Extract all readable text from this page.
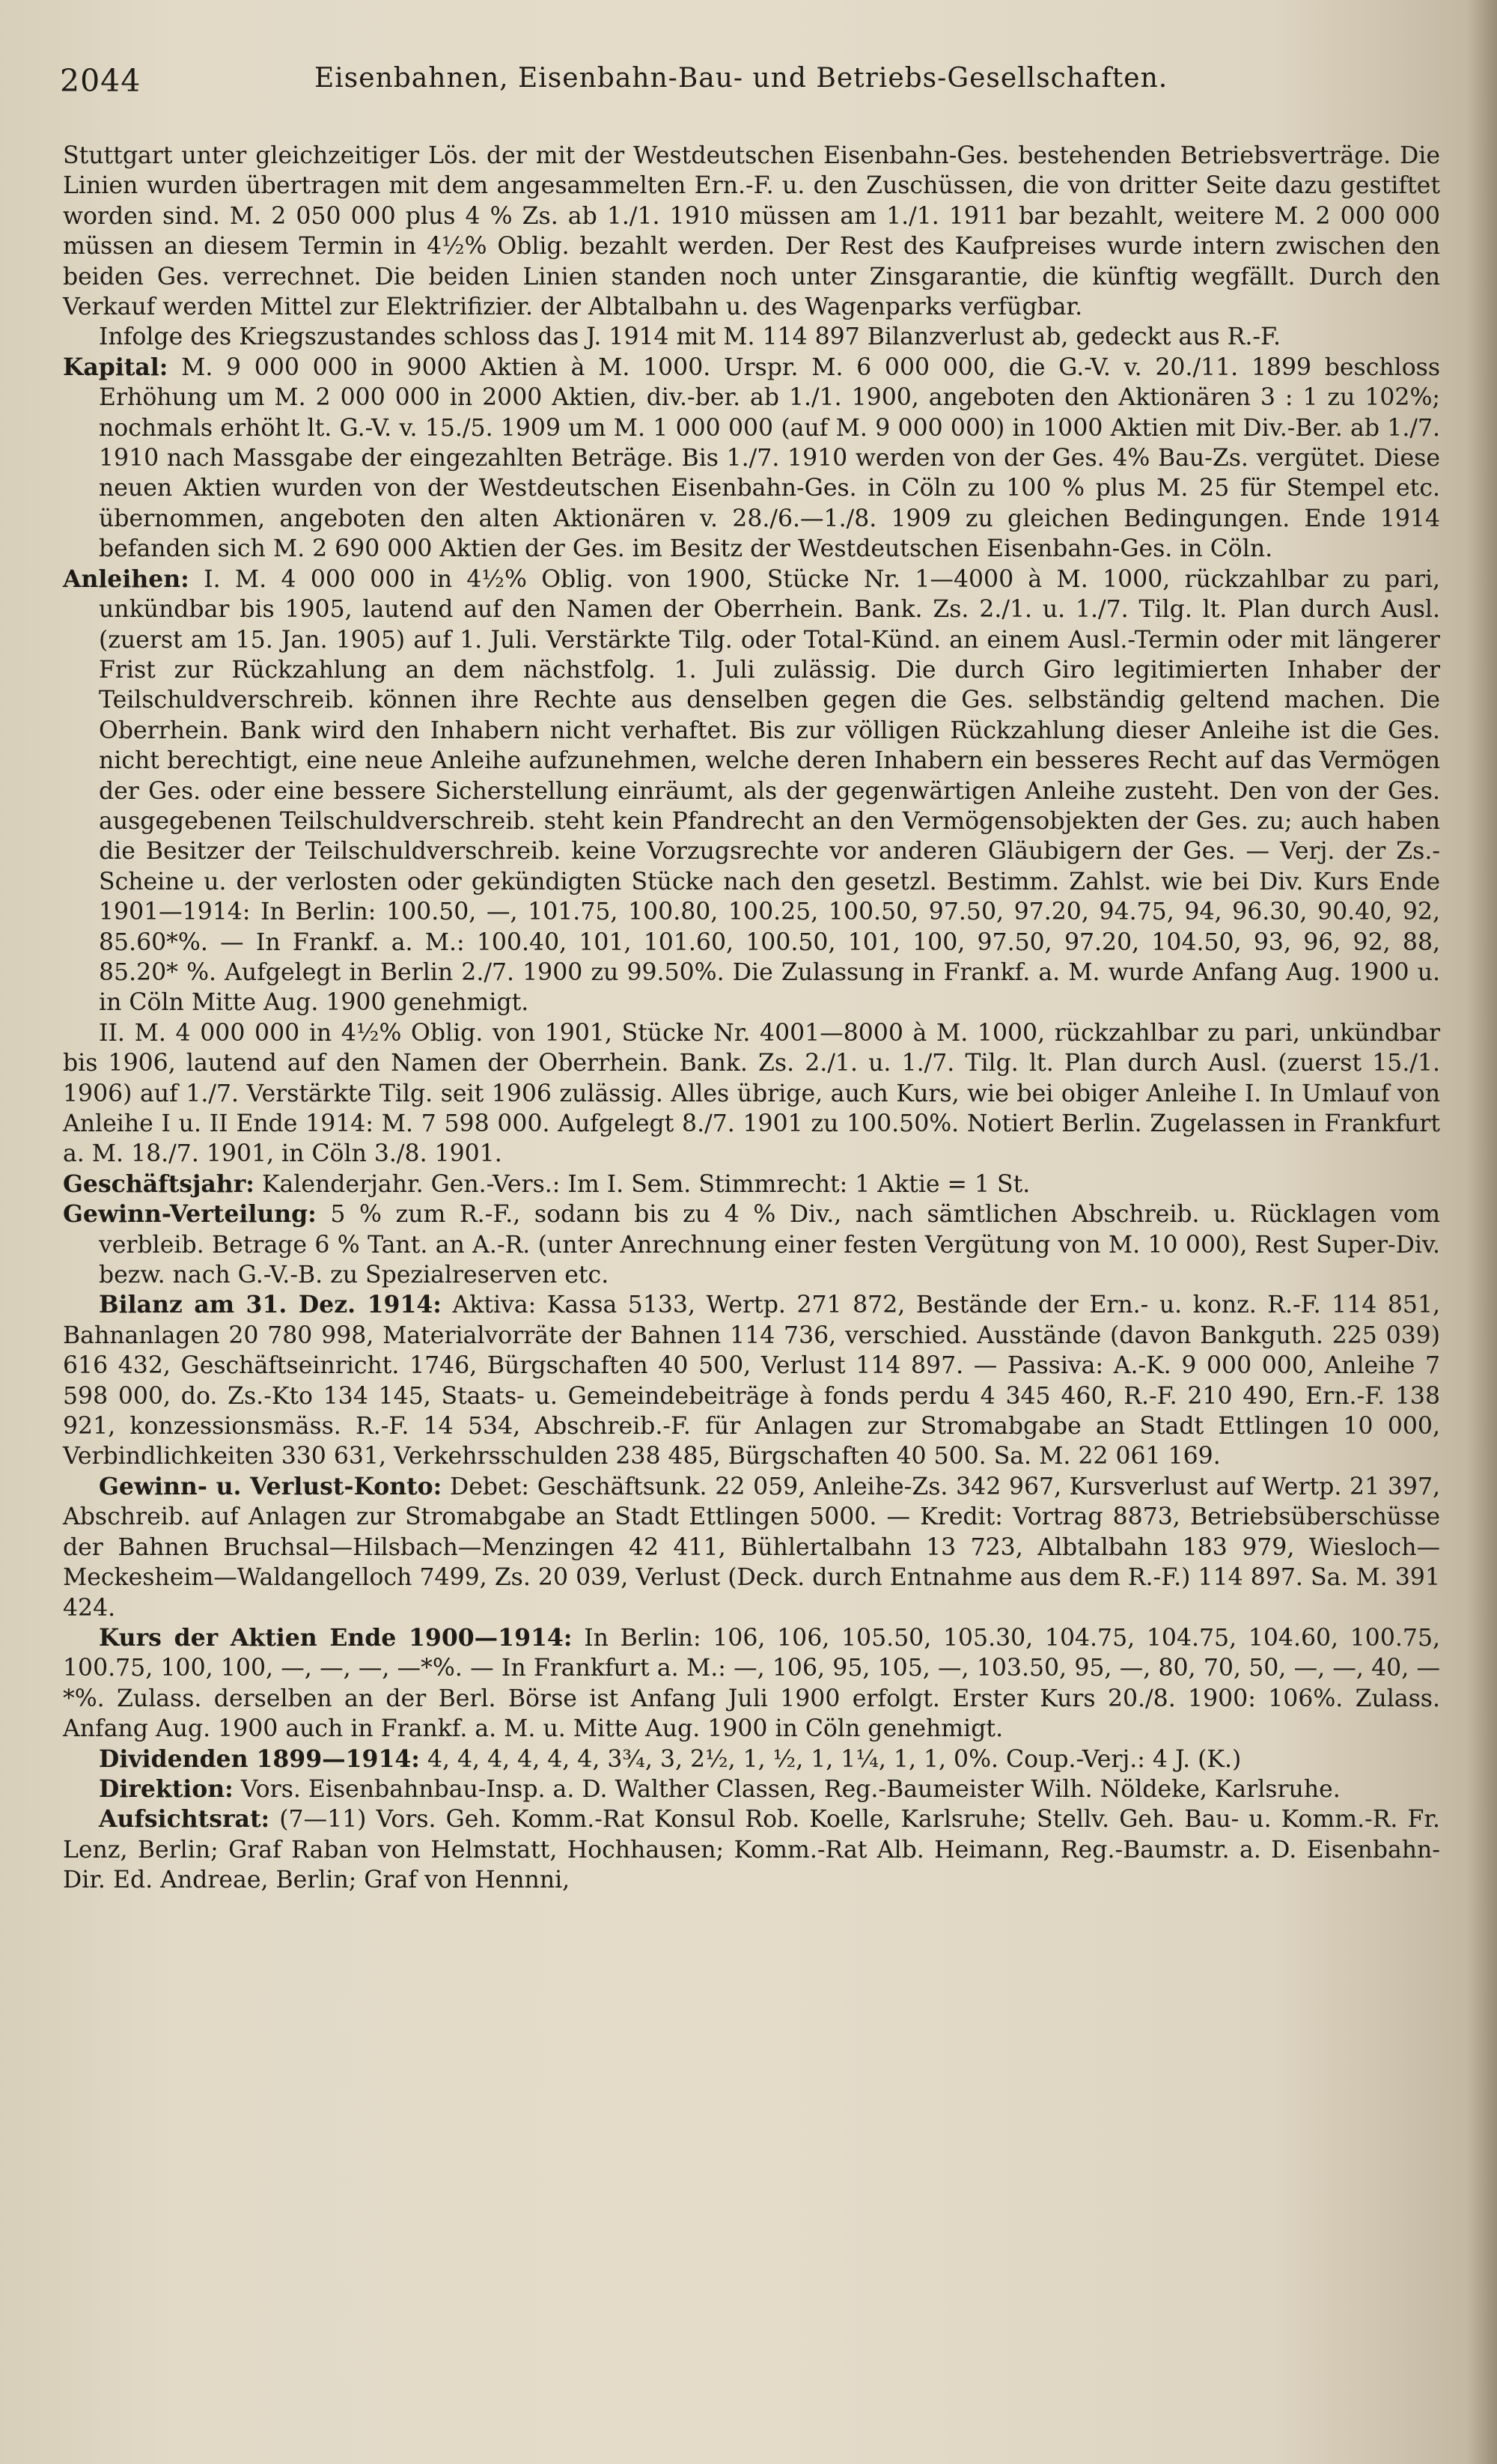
2044	Eisenbahnen, Eisenbahn-Bau- und Betriebs-Gesellschaften.

Stuttgart unter gleichzeitiger Lös. der mit der Westdeutschen Eisenbahn-Ges. bestehenden Betriebsverträge. Die Linien wurden übertragen mit dem angesammelten Ern.-F. u. den Zuschüssen, die von dritter Seite dazu gestiftet worden sind. M. 2 050 000 plus 4 % Zs. ab 1./1. 1910 müssen am 1./1. 1911 bar bezahlt, weitere M. 2 000 000 müssen an diesem Termin in 4½% Oblig. bezahlt werden. Der Rest des Kaufpreises wurde intern zwischen den beiden Ges. verrechnet. Die beiden Linien standen noch unter Zinsgarantie, die künftig wegfällt. Durch den Verkauf werden Mittel zur Elektrifizier. der Albtalbahn u. des Wagenparks verfügbar.

Infolge des Kriegszustandes schloss das J. 1914 mit M. 114 897 Bilanzverlust ab, gedeckt aus R.-F.

Kapital: M. 9 000 000 in 9000 Aktien à M. 1000. Urspr. M. 6 000 000, die G.-V. v. 20./11. 1899 beschloss Erhöhung um M. 2 000 000 in 2000 Aktien, div.-ber. ab 1./1. 1900, angeboten den Aktionären 3 : 1 zu 102%; nochmals erhöht lt. G.-V. v. 15./5. 1909 um M. 1 000 000 (auf M. 9 000 000) in 1000 Aktien mit Div.-Ber. ab 1./7. 1910 nach Massgabe der eingezahlten Beträge. Bis 1./7. 1910 werden von der Ges. 4% Bau-Zs. vergütet. Diese neuen Aktien wurden von der Westdeutschen Eisenbahn-Ges. in Cöln zu 100 % plus M. 25 für Stempel etc. übernommen, angeboten den alten Aktionären v. 28./6.—1./8. 1909 zu gleichen Bedingungen. Ende 1914 befanden sich M. 2 690 000 Aktien der Ges. im Besitz der Westdeutschen Eisenbahn-Ges. in Cöln.

Anleihen: I. M. 4 000 000 in 4½% Oblig. von 1900, Stücke Nr. 1—4000 à M. 1000, rückzahlbar zu pari, unkündbar bis 1905, lautend auf den Namen der Oberrhein. Bank. Zs. 2./1. u. 1./7. Tilg. lt. Plan durch Ausl. (zuerst am 15. Jan. 1905) auf 1. Juli. Verstärkte Tilg. oder Total-Künd. an einem Ausl.-Termin oder mit längerer Frist zur Rückzahlung an dem nächstfolg. 1. Juli zulässig. Die durch Giro legitimierten Inhaber der Teilschuldverschreib. können ihre Rechte aus denselben gegen die Ges. selbständig geltend machen. Die Oberrhein. Bank wird den Inhabern nicht verhaftet. Bis zur völligen Rückzahlung dieser Anleihe ist die Ges. nicht berechtigt, eine neue Anleihe aufzunehmen, welche deren Inhabern ein besseres Recht auf das Vermögen der Ges. oder eine bessere Sicherstellung einräumt, als der gegenwärtigen Anleihe zusteht. Den von der Ges. ausgegebenen Teilschuldverschreib. steht kein Pfandrecht an den Vermögensobjekten der Ges. zu; auch haben die Besitzer der Teilschuldverschreib. keine Vorzugsrechte vor anderen Gläubigern der Ges. — Verj. der Zs.-Scheine u. der verlosten oder gekündigten Stücke nach den gesetzl. Bestimm. Zahlst. wie bei Div. Kurs Ende 1901—1914: In Berlin: 100.50, —, 101.75, 100.80, 100.25, 100.50, 97.50, 97.20, 94.75, 94, 96.30, 90.40, 92, 85.60*%. — In Frankf. a. M.: 100.40, 101, 101.60, 100.50, 101, 100, 97.50, 97.20, 104.50, 93, 96, 92, 88, 85.20* %. Aufgelegt in Berlin 2./7. 1900 zu 99.50%. Die Zulassung in Frankf. a. M. wurde Anfang Aug. 1900 u. in Cöln Mitte Aug. 1900 genehmigt.

II. M. 4 000 000 in 4½% Oblig. von 1901, Stücke Nr. 4001—8000 à M. 1000, rückzahlbar zu pari, unkündbar bis 1906, lautend auf den Namen der Oberrhein. Bank. Zs. 2./1. u. 1./7. Tilg. lt. Plan durch Ausl. (zuerst 15./1. 1906) auf 1./7. Verstärkte Tilg. seit 1906 zulässig. Alles übrige, auch Kurs, wie bei obiger Anleihe I. In Umlauf von Anleihe I u. II Ende 1914: M. 7 598 000. Aufgelegt 8./7. 1901 zu 100.50%. Notiert Berlin. Zugelassen in Frankfurt a. M. 18./7. 1901, in Cöln 3./8. 1901.

Geschäftsjahr: Kalenderjahr. Gen.-Vers.: Im I. Sem. Stimmrecht: 1 Aktie = 1 St.

Gewinn-Verteilung: 5 % zum R.-F., sodann bis zu 4 % Div., nach sämtlichen Abschreib. u. Rücklagen vom verbleib. Betrage 6 % Tant. an A.-R. (unter Anrechnung einer festen Vergütung von M. 10 000), Rest Super-Div. bezw. nach G.-V.-B. zu Spezialreserven etc.

Bilanz am 31. Dez. 1914: Aktiva: Kassa 5133, Wertp. 271 872, Bestände der Ern.- u. konz. R.-F. 114 851, Bahnanlagen 20 780 998, Materialvorräte der Bahnen 114 736, verschied. Ausstände (davon Bankguth. 225 039) 616 432, Geschäftseinricht. 1746, Bürgschaften 40 500, Verlust 114 897. — Passiva: A.-K. 9 000 000, Anleihe 7 598 000, do. Zs.-Kto 134 145, Staats- u. Gemeindebeiträge à fonds perdu 4 345 460, R.-F. 210 490, Ern.-F. 138 921, konzessionsmäss. R.-F. 14 534, Abschreib.-F. für Anlagen zur Stromabgabe an Stadt Ettlingen 10 000, Verbindlichkeiten 330 631, Verkehrsschulden 238 485, Bürgschaften 40 500. Sa. M. 22 061 169.

Gewinn- u. Verlust-Konto: Debet: Geschäftsunk. 22 059, Anleihe-Zs. 342 967, Kursverlust auf Wertp. 21 397, Abschreib. auf Anlagen zur Stromabgabe an Stadt Ettlingen 5000. — Kredit: Vortrag 8873, Betriebsüberschüsse der Bahnen Bruchsal—Hilsbach—Menzingen 42 411, Bühlertalbahn 13 723, Albtalbahn 183 979, Wiesloch—Meckesheim—Waldangelloch 7499, Zs. 20 039, Verlust (Deck. durch Entnahme aus dem R.-F.) 114 897. Sa. M. 391 424.

Kurs der Aktien Ende 1900—1914: In Berlin: 106, 106, 105.50, 105.30, 104.75, 104.75, 104.60, 100.75, 100.75, 100, 100, —, —, —, —*%. — In Frankfurt a. M.: —, 106, 95, 105, —, 103.50, 95, —, 80, 70, 50, —, —, 40, —*%. Zulass. derselben an der Berl. Börse ist Anfang Juli 1900 erfolgt. Erster Kurs 20./8. 1900: 106%. Zulass. Anfang Aug. 1900 auch in Frankf. a. M. u. Mitte Aug. 1900 in Cöln genehmigt.

Dividenden 1899—1914: 4, 4, 4, 4, 4, 4, 3¾, 3, 2½, 1, ½, 1, 1¼, 1, 1, 0%. Coup.-Verj.: 4 J. (K.)

Direktion: Vors. Eisenbahnbau-Insp. a. D. Walther Classen, Reg.-Baumeister Wilh. Nöldeke, Karlsruhe.

Aufsichtsrat: (7—11) Vors. Geh. Komm.-Rat Konsul Rob. Koelle, Karlsruhe; Stellv. Geh. Bau- u. Komm.-R. Fr. Lenz, Berlin; Graf Raban von Helmstatt, Hochhausen; Komm.-Rat Alb. Heimann, Reg.-Baumstr. a. D. Eisenbahn-Dir. Ed. Andreae, Berlin; Graf von Hennni,
